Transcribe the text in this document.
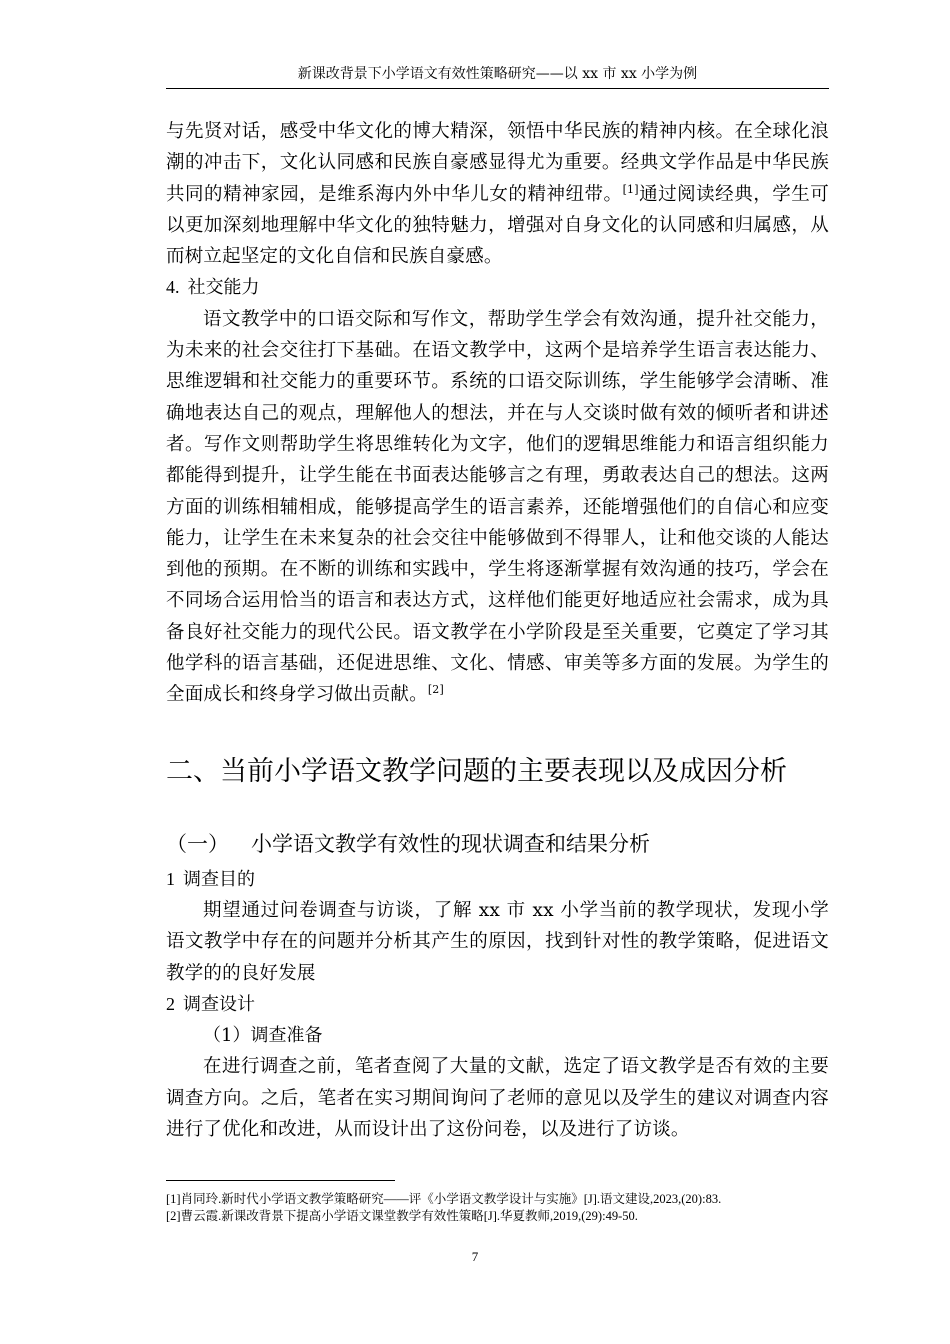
新课改背景下小学语文有效性策略研究——以 xx 市 xx 小学为例

与先贤对话，感受中华文化的博大精深，领悟中华民族的精神内核。在全球化浪潮的冲击下，文化认同感和民族自豪感显得尤为重要。经典文学作品是中华民族共同的精神家园，是维系海内外中华儿女的精神纽带。[1]通过阅读经典，学生可以更加深刻地理解中华文化的独特魅力，增强对自身文化的认同感和归属感，从而树立起坚定的文化自信和民族自豪感。

4. 社交能力

语文教学中的口语交际和写作文，帮助学生学会有效沟通，提升社交能力，为未来的社会交往打下基础。在语文教学中，这两个是培养学生语言表达能力、思维逻辑和社交能力的重要环节。系统的口语交际训练，学生能够学会清晰、准确地表达自己的观点，理解他人的想法，并在与人交谈时做有效的倾听者和讲述者。写作文则帮助学生将思维转化为文字，他们的逻辑思维能力和语言组织能力都能得到提升，让学生能在书面表达能够言之有理，勇敢表达自己的想法。这两方面的训练相辅相成，能够提高学生的语言素养，还能增强他们的自信心和应变能力，让学生在未来复杂的社会交往中能够做到不得罪人，让和他交谈的人能达到他的预期。在不断的训练和实践中，学生将逐渐掌握有效沟通的技巧，学会在不同场合运用恰当的语言和表达方式，这样他们能更好地适应社会需求，成为具备良好社交能力的现代公民。语文教学在小学阶段是至关重要，它奠定了学习其他学科的语言基础，还促进思维、文化、情感、审美等多方面的发展。为学生的全面成长和终身学习做出贡献。[2]

二、当前小学语文教学问题的主要表现以及成因分析
（一） 小学语文教学有效性的现状调查和结果分析

1 调查目的

期望通过问卷调查与访谈，了解 xx 市 xx 小学当前的教学现状，发现小学语文教学中存在的问题并分析其产生的原因，找到针对性的教学策略，促进语文教学的的良好发展

2 调查设计

（1）调查准备

在进行调查之前，笔者查阅了大量的文献，选定了语文教学是否有效的主要调查方向。之后，笔者在实习期间询问了老师的意见以及学生的建议对调查内容进行了优化和改进，从而设计出了这份问卷，以及进行了访谈。

[1]肖同玲.新时代小学语文教学策略研究——评《小学语文教学设计与实施》[J].语文建设,2023,(20):83.

[2]曹云霞.新课改背景下提高小学语文课堂教学有效性策略[J].华夏教师,2019,(29):49-50.

7
